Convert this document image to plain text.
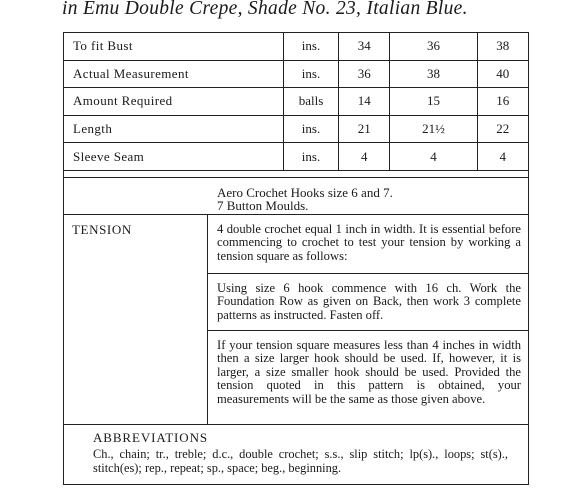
in Emu Double Crepe, Shade No. 23, Italian Blue.
To fit Bust	ins.	34	36	38
Actual Measurement	ins.	36	38	40
Amount Required	balls	14	15	16
Length	ins.	21	21½	22
Sleeve Seam	ins.	4	4	4
Aero Crochet Hooks size 6 and 7.
7 Button Moulds.
TENSION	4 double crochet equal 1 inch in width. It is essential before commencing to crochet to test your tension by working a tension square as follows:
Using size 6 hook commence with 16 ch. Work the Foundation Row as given on Back, then work 3 complete patterns as instructed. Fasten off.
If your tension square measures less than 4 inches in width then a size larger hook should be used. If, however, it is larger, a size smaller hook should be used. Provided the tension quoted in this pattern is obtained, your measurements will be the same as those given above.
ABBREVIATIONS
Ch., chain; tr., treble; d.c., double crochet; s.s., slip stitch; lp(s)., loops; st(s)., stitch(es); rep., repeat; sp., space; beg., beginning.
